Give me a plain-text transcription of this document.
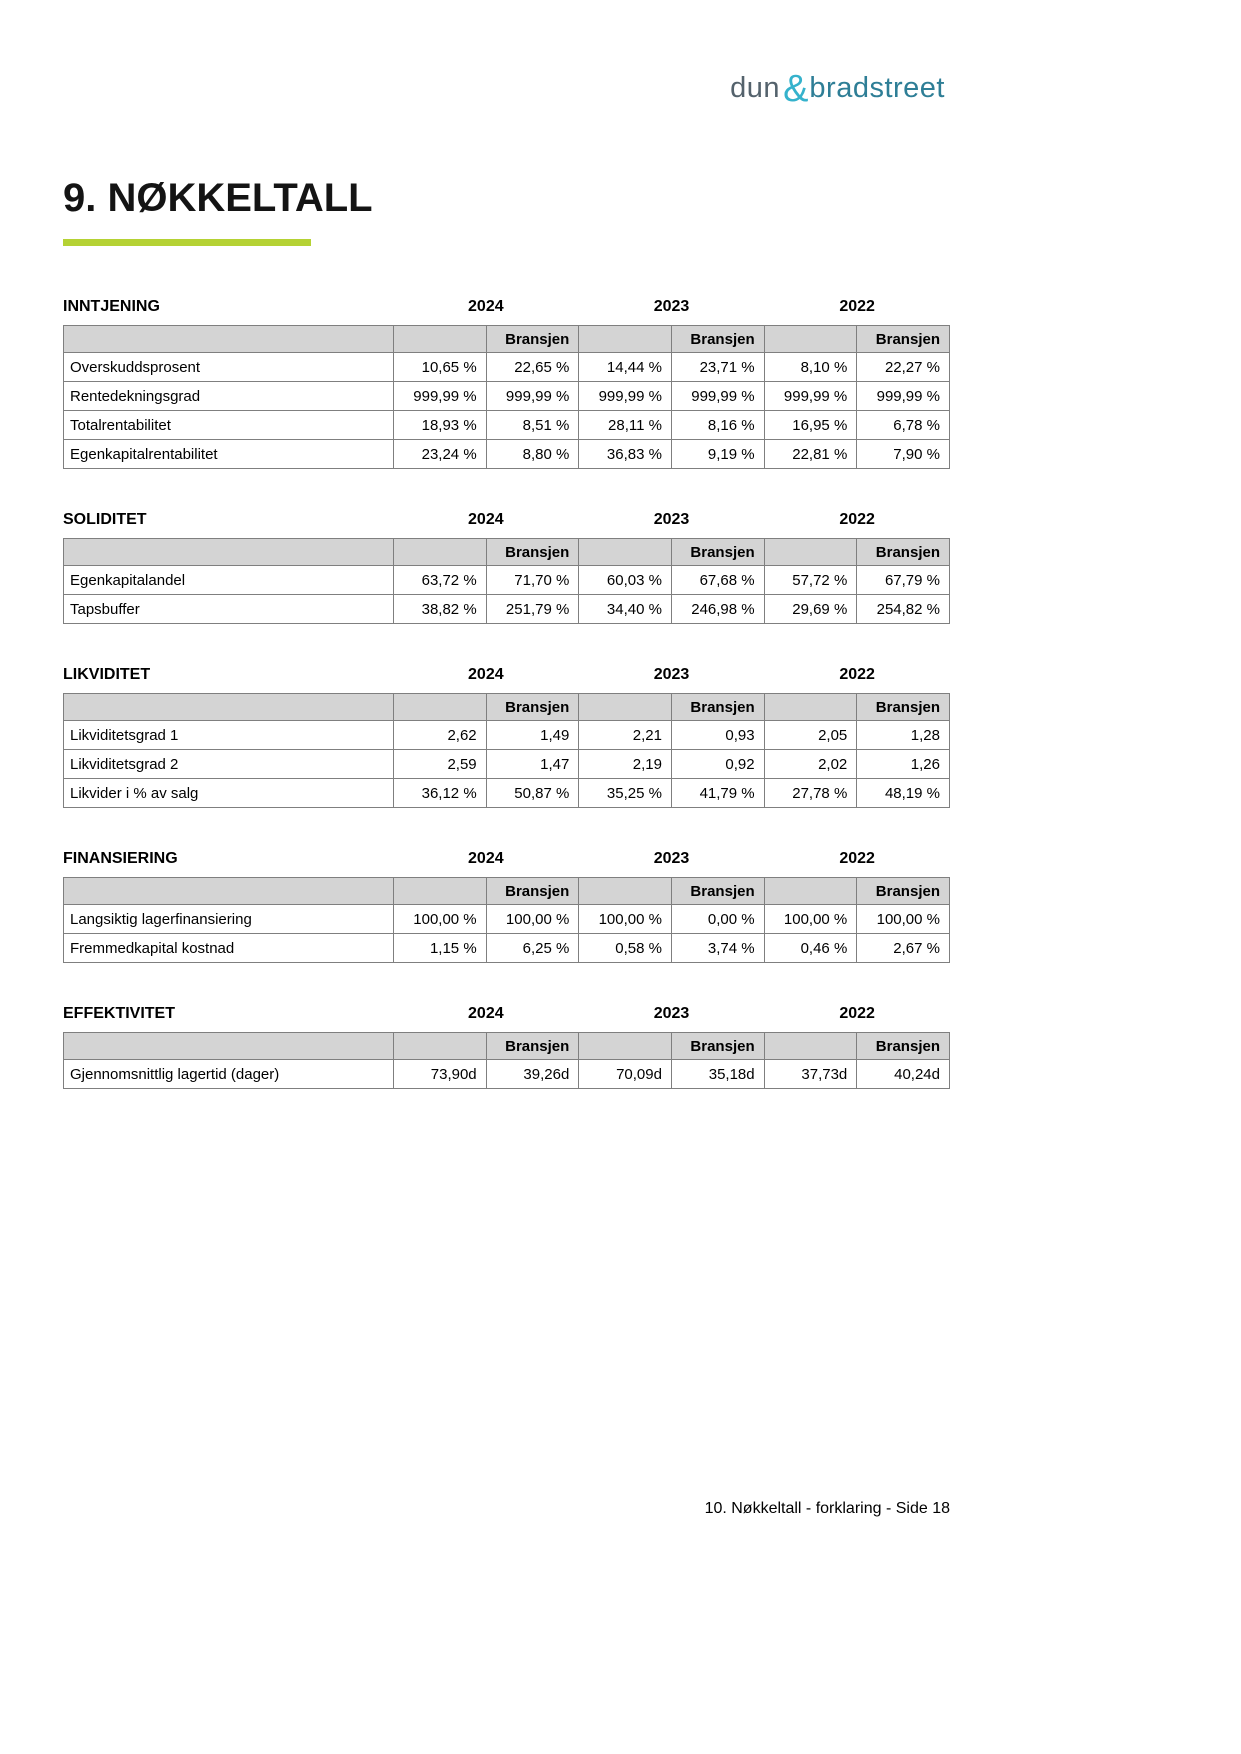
dun&bradstreet
9. NØKKELTALL
INNTJENING	2024	2023	2022
		Bransjen		Bransjen		Bransjen
Overskuddsprosent	10,65 %	22,65 %	14,44 %	23,71 %	8,10 %	22,27 %
Rentedekningsgrad	999,99 %	999,99 %	999,99 %	999,99 %	999,99 %	999,99 %
Totalrentabilitet	18,93 %	8,51 %	28,11 %	8,16 %	16,95 %	6,78 %
Egenkapitalrentabilitet	23,24 %	8,80 %	36,83 %	9,19 %	22,81 %	7,90 %
SOLIDITET	2024	2023	2022
		Bransjen		Bransjen		Bransjen
Egenkapitalandel	63,72 %	71,70 %	60,03 %	67,68 %	57,72 %	67,79 %
Tapsbuffer	38,82 %	251,79 %	34,40 %	246,98 %	29,69 %	254,82 %
LIKVIDITET	2024	2023	2022
		Bransjen		Bransjen		Bransjen
Likviditetsgrad 1	2,62	1,49	2,21	0,93	2,05	1,28
Likviditetsgrad 2	2,59	1,47	2,19	0,92	2,02	1,26
Likvider i % av salg	36,12 %	50,87 %	35,25 %	41,79 %	27,78 %	48,19 %
FINANSIERING	2024	2023	2022
		Bransjen		Bransjen		Bransjen
Langsiktig lagerfinansiering	100,00 %	100,00 %	100,00 %	0,00 %	100,00 %	100,00 %
Fremmedkapital kostnad	1,15 %	6,25 %	0,58 %	3,74 %	0,46 %	2,67 %
EFFEKTIVITET	2024	2023	2022
		Bransjen		Bransjen		Bransjen
Gjennomsnittlig lagertid (dager)	73,90d	39,26d	70,09d	35,18d	37,73d	40,24d
10. Nøkkeltall - forklaring - Side 18
